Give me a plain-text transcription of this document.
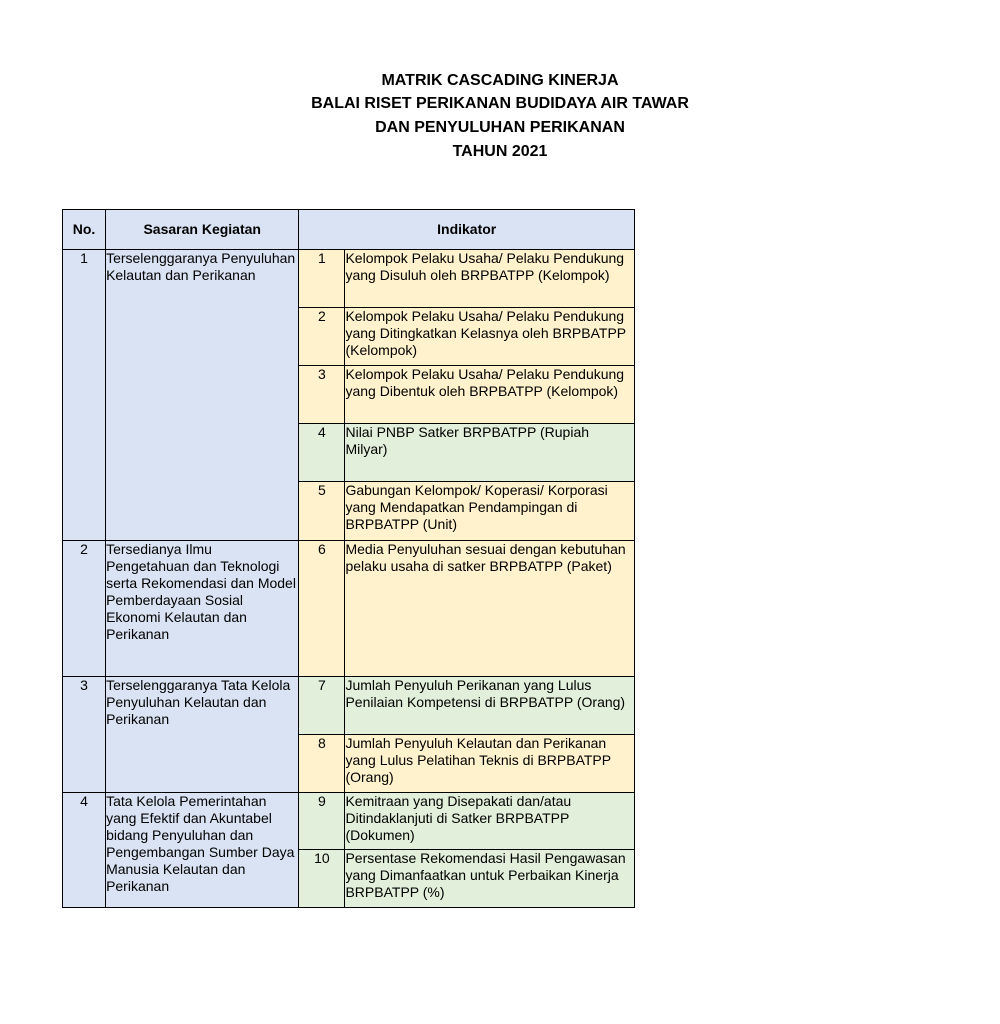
MATRIK CASCADING KINERJA
BALAI RISET PERIKANAN BUDIDAYA AIR TAWAR
DAN PENYULUHAN PERIKANAN
TAHUN 2021
No.	Sasaran Kegiatan	Indikator	
1	Terselenggaranya Penyuluhan Kelautan dan Perikanan	1	Kelompok Pelaku Usaha/ Pelaku Pendukung yang Disuluh oleh BRPBATPP (Kelompok)
		2	Kelompok Pelaku Usaha/ Pelaku Pendukung yang Ditingkatkan Kelasnya oleh BRPBATPP (Kelompok)
		3	Kelompok Pelaku Usaha/ Pelaku Pendukung yang Dibentuk oleh BRPBATPP (Kelompok)
		4	Nilai PNBP Satker BRPBATPP (Rupiah Milyar)
		5	Gabungan Kelompok/ Koperasi/ Korporasi yang Mendapatkan Pendampingan di BRPBATPP (Unit)
2	Tersedianya Ilmu Pengetahuan dan Teknologi serta Rekomendasi dan Model Pemberdayaan Sosial Ekonomi Kelautan dan Perikanan	6	Media Penyuluhan sesuai dengan kebutuhan pelaku usaha di satker BRPBATPP (Paket)
3	Terselenggaranya Tata Kelola Penyuluhan Kelautan dan Perikanan	7	Jumlah Penyuluh Perikanan yang Lulus Penilaian Kompetensi di BRPBATPP (Orang)
		8	Jumlah Penyuluh Kelautan dan Perikanan yang Lulus Pelatihan Teknis di BRPBATPP (Orang)
4	Tata Kelola Pemerintahan yang Efektif dan Akuntabel bidang Penyuluhan dan Pengembangan Sumber Daya Manusia Kelautan dan Perikanan	9	Kemitraan yang Disepakati dan/atau Ditindaklanjuti di Satker BRPBATPP (Dokumen)
		10	Persentase Rekomendasi Hasil Pengawasan yang Dimanfaatkan untuk Perbaikan Kinerja BRPBATPP (%)
